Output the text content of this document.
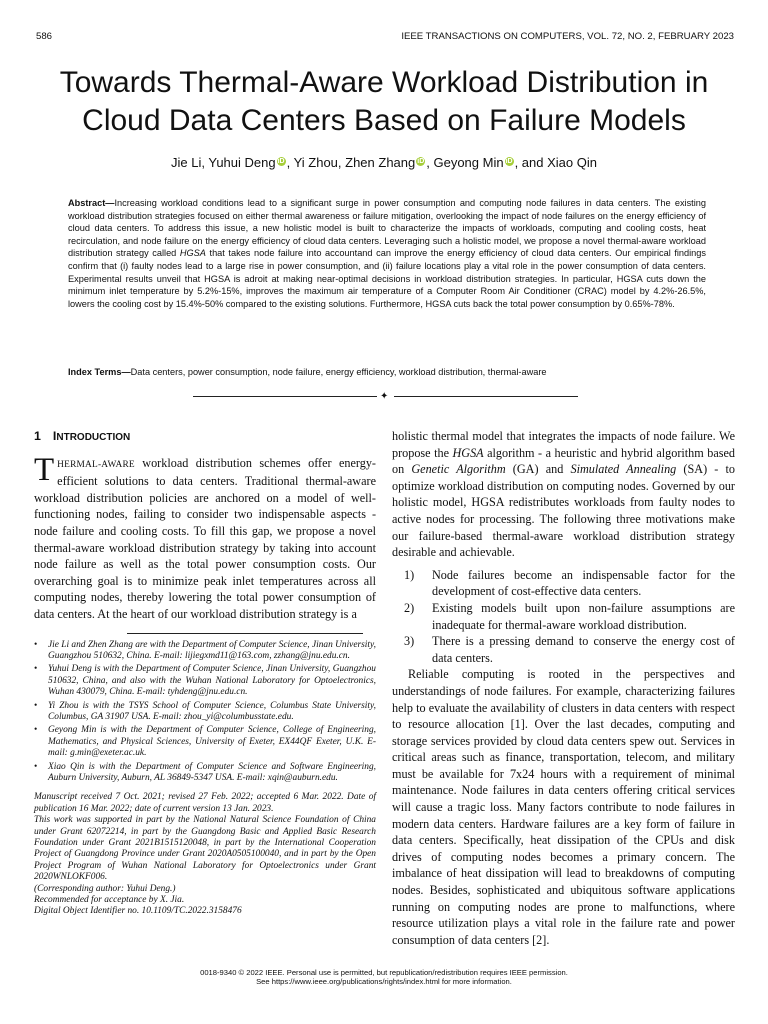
586	IEEE TRANSACTIONS ON COMPUTERS, VOL. 72, NO. 2, FEBRUARY 2023
Towards Thermal-Aware Workload Distribution in
Cloud Data Centers Based on Failure Models
Jie Li, Yuhui Deng iD , Yi Zhou, Zhen Zhang iD , Geyong Min iD , and Xiao Qin
Abstract—Increasing workload conditions lead to a significant surge in power consumption and computing node failures in data centers. The existing workload distribution strategies focused on either thermal awareness or failure mitigation, overlooking the impact of node failures on the energy efficiency of cloud data centers. To address this issue, a new holistic model is built to characterize the impacts of workloads, computing and cooling costs, heat recirculation, and node failure on the energy efficiency of cloud data centers. Leveraging such a holistic model, we propose a novel thermal-aware workload distribution strategy called HGSA that takes node failure into accountand can improve the energy efficiency of cloud data centers. Our empirical findings confirm that (i) faulty nodes lead to a large rise in power consumption, and (ii) failure locations play a vital role in the power consumption of data centers. Experimental results unveil that HGSA is adroit at making near-optimal decisions in workload distribution strategies. In particular, HGSA cuts down the minimum inlet temperature by 5.2%-15%, improves the maximum air temperature of a Computer Room Air Conditioner (CRAC) model by 4.2%-26.5%, lowers the cooling cost by 15.4%-50% compared to the existing solutions. Furthermore, HGSA cuts back the total power consumption by 0.65%-78%.
Index Terms—Data centers, power consumption, node failure, energy efficiency, workload distribution, thermal-aware
✦
1 INTRODUCTION
THERMAL-AWARE workload distribution schemes offer energy-efficient solutions to data centers. Traditional thermal-aware workload distribution policies are anchored on a model of well-functioning nodes, failing to consider two indispensable aspects - node failure and cooling costs. To fill this gap, we propose a novel thermal-aware workload distribution strategy by taking into account node failure as well as the total power consumption costs. Our overarching goal is to minimize peak inlet temperatures across all computing nodes, thereby lowering the total power consumption of data centers. At the heart of our workload distribution strategy is a
• Jie Li and Zhen Zhang are with the Department of Computer Science, Jinan University, Guangzhou 510632, China. E-mail: lijiegxmd11@163.com, zzhang@jnu.edu.cn.
• Yuhui Deng is with the Department of Computer Science, Jinan University, Guangzhou 510632, China, and also with the Wuhan National Laboratory for Optoelectronics, Wuhan 430079, China. E-mail: tyhdeng@jnu.edu.cn.
• Yi Zhou is with the TSYS School of Computer Science, Columbus State University, Columbus, GA 31907 USA. E-mail: zhou_yi@columbusstate.edu.
• Geyong Min is with the Department of Computer Science, College of Engineering, Mathematics, and Physical Sciences, University of Exeter, EX44QF Exeter, U.K. E-mail: g.min@exeter.ac.uk.
• Xiao Qin is with the Department of Computer Science and Software Engineering, Auburn University, Auburn, AL 36849-5347 USA. E-mail: xqin@auburn.edu.
Manuscript received 7 Oct. 2021; revised 27 Feb. 2022; accepted 6 Mar. 2022. Date of publication 16 Mar. 2022; date of current version 13 Jan. 2023.
This work was supported in part by the National Natural Science Foundation of China under Grant 62072214, in part by the Guangdong Basic and Applied Basic Research Foundation under Grant 2021B1515120048, in part by the International Cooperation Project of Guangdong Province under Grant 2020A0505100040, and in part by the Open Project Program of Wuhan National Laboratory for Optoelectronics under Grant 2020WNLOKF006.
(Corresponding author: Yuhui Deng.)
Recommended for acceptance by X. Jia.
Digital Object Identifier no. 10.1109/TC.2022.3158476
holistic thermal model that integrates the impacts of node failure. We propose the HGSA algorithm - a heuristic and hybrid algorithm based on Genetic Algorithm (GA) and Simulated Annealing (SA) - to optimize workload distribution on computing nodes. Governed by our holistic model, HGSA redistributes workloads from faulty nodes to active nodes for processing. The following three motivations make our failure-based thermal-aware workload distribution strategy desirable and achievable.
1) Node failures become an indispensable factor for the development of cost-effective data centers.
2) Existing models built upon non-failure assumptions are inadequate for thermal-aware workload distribution.
3) There is a pressing demand to conserve the energy cost of data centers.
Reliable computing is rooted in the perspectives and understandings of node failures. For example, characterizing failures help to evaluate the availability of clusters in data centers with respect to resource allocation [1]. Over the last decades, computing and storage services provided by cloud data centers spew out. Services in critical areas such as finance, transportation, telecom, and military must be available for 7x24 hours with a requirement of minimal maintenance. Node failures in data centers offering critical services will cause a tragic loss. Many factors contribute to node failures in modern data centers. Hardware failures are a key form of failure in data centers. Specifically, heat dissipation of the CPUs and disk drives of computing nodes becomes a primary concern. The imbalance of heat dissipation will lead to breakdowns of computing nodes. Besides, sophisticated and ubiquitous software applications running on computing nodes are prone to malfunctions, where resource utilization plays a vital role in the failure rate and power consumption of data centers [2].
0018-9340 © 2022 IEEE. Personal use is permitted, but republication/redistribution requires IEEE permission.
See https://www.ieee.org/publications/rights/index.html for more information.
